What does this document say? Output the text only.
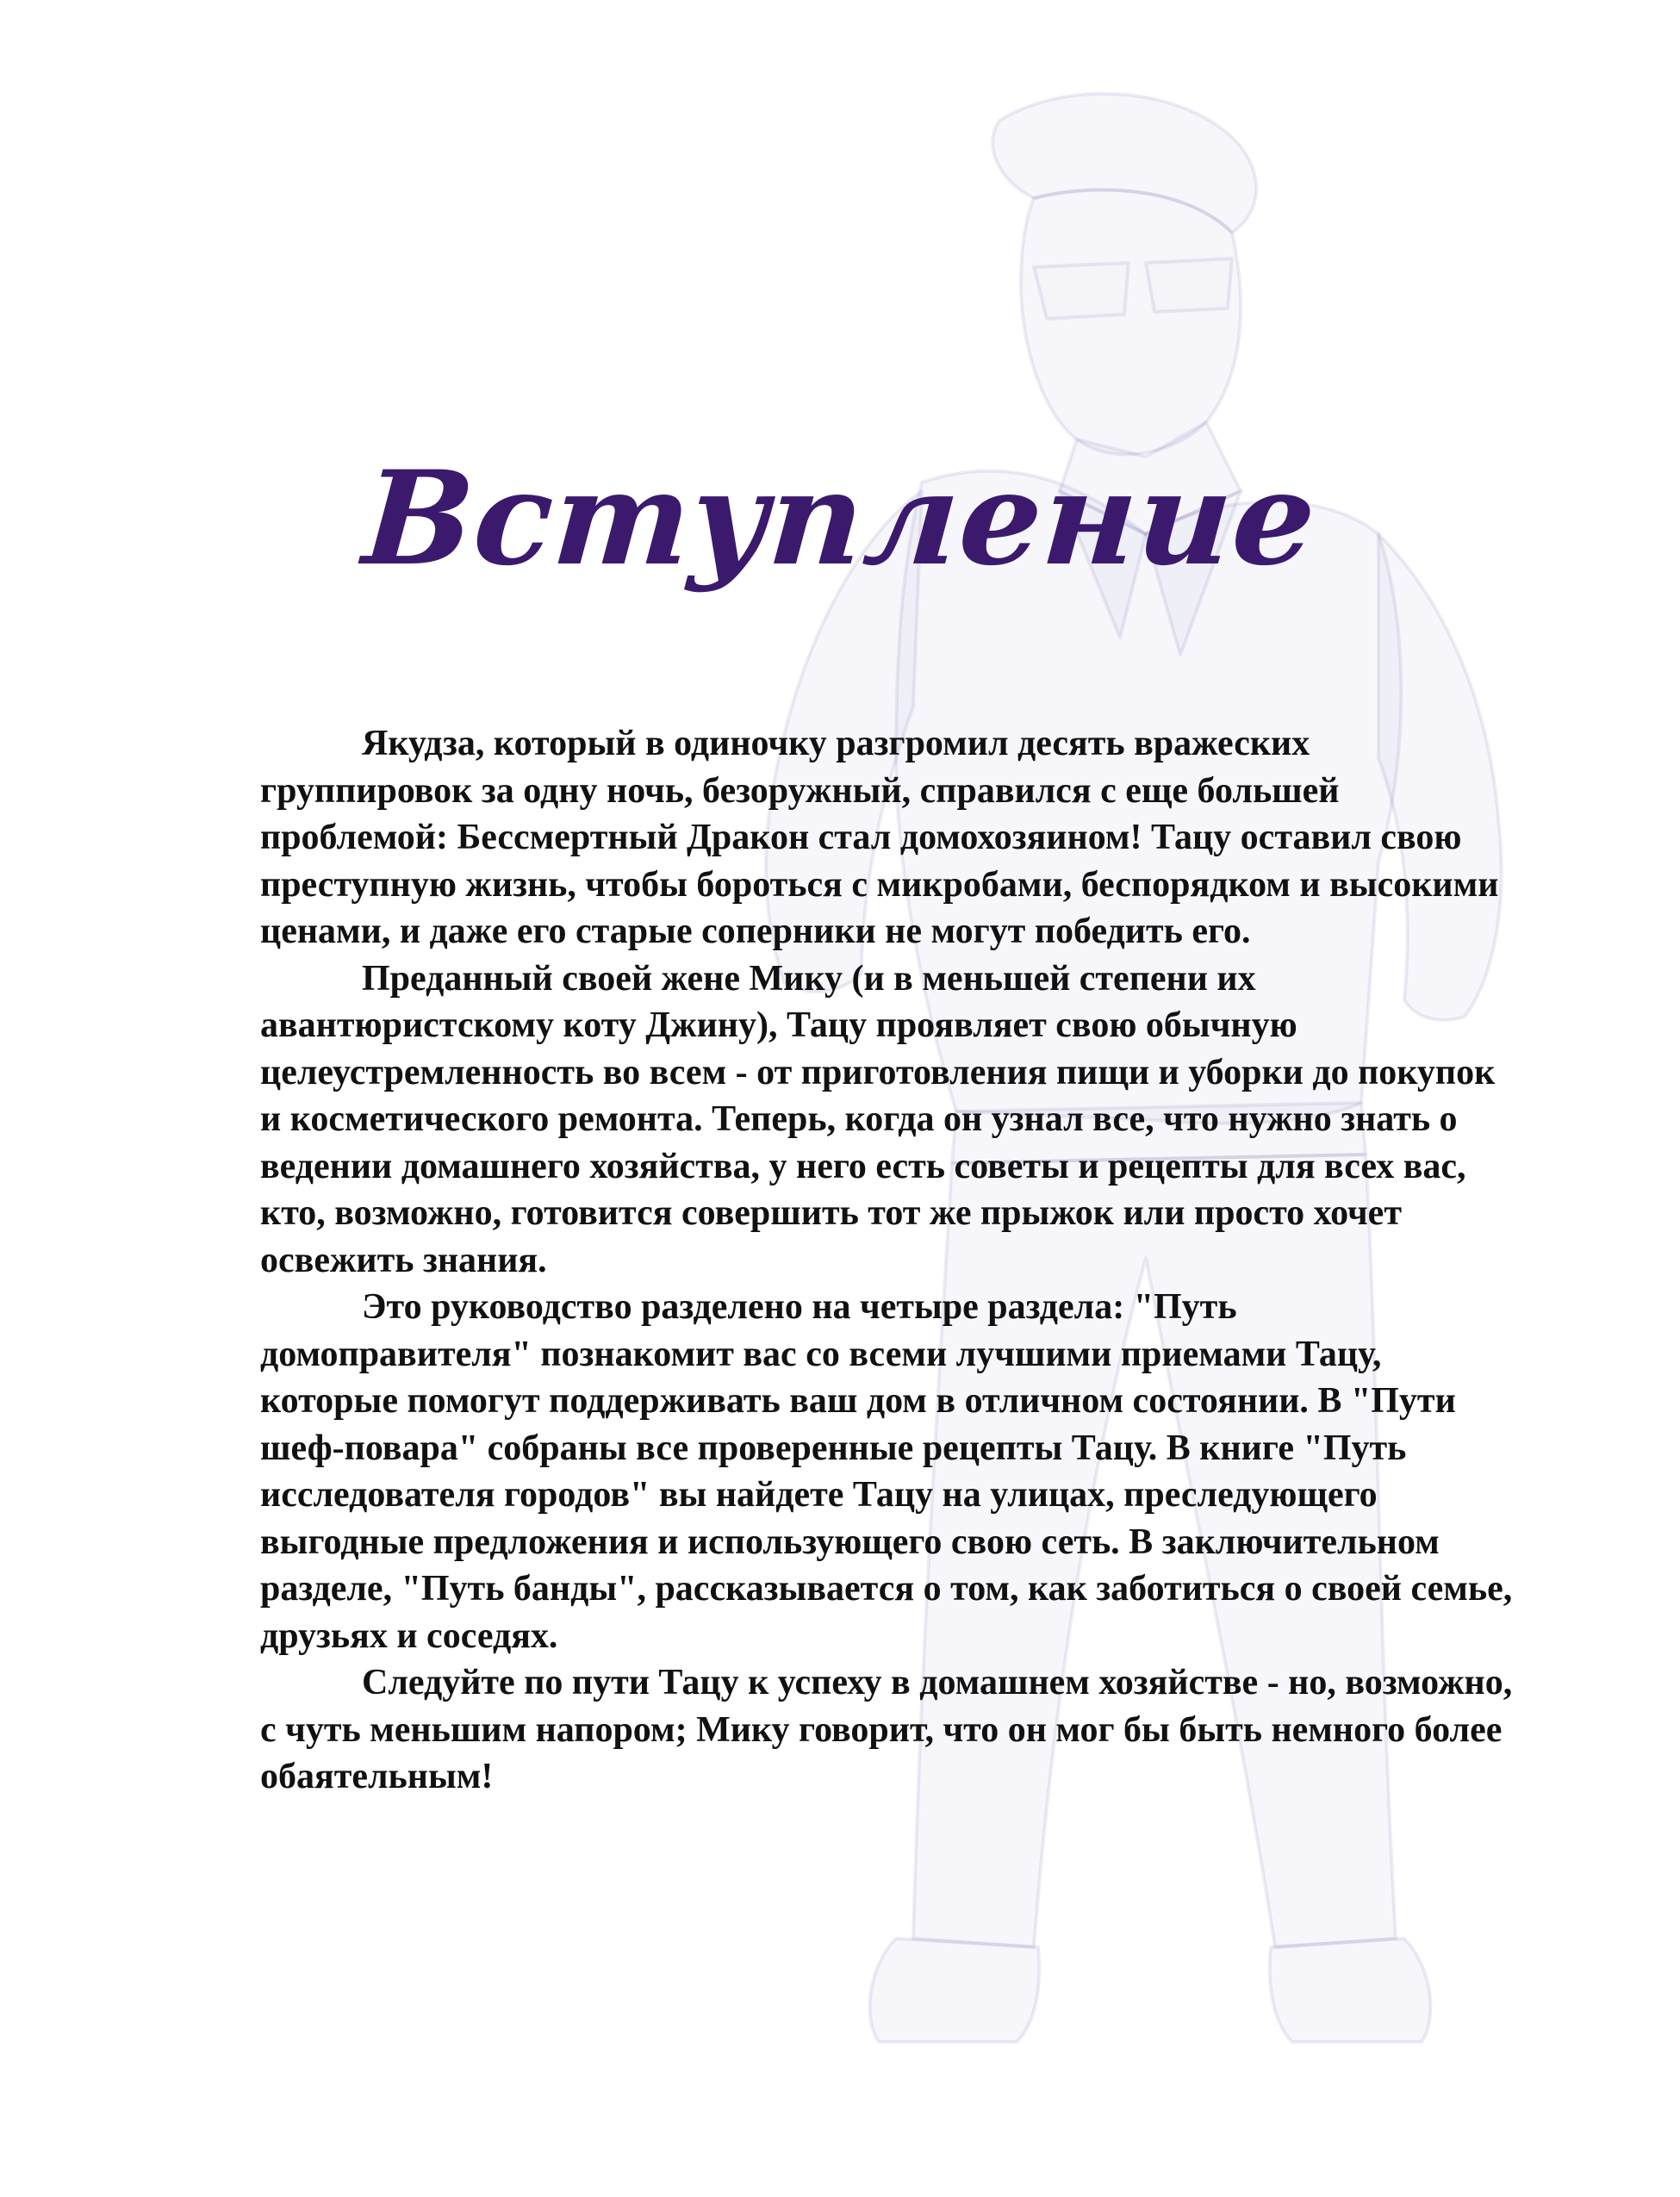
Вступление

Якудза, который в одиночку разгромил десять вражеских группировок за одну ночь, безоружный, справился с еще большей проблемой: Бессмертный Дракон стал домохозяином! Тацу оставил свою преступную жизнь, чтобы бороться с микробами, беспорядком и высокими ценами, и даже его старые соперники не могут победить его.

Преданный своей жене Мику (и в меньшей степени их авантюристскому коту Джину), Тацу проявляет свою обычную целеустремленность во всем - от приготовления пищи и уборки до покупок и косметического ремонта. Теперь, когда он узнал все, что нужно знать о ведении домашнего хозяйства, у него есть советы и рецепты для всех вас, кто, возможно, готовится совершить тот же прыжок или просто хочет освежить знания.

Это руководство разделено на четыре раздела: "Путь домоправителя" познакомит вас со всеми лучшими приемами Тацу, которые помогут поддерживать ваш дом в отличном состоянии. В "Пути шеф-повара" собраны все проверенные рецепты Тацу. В книге "Путь исследователя городов" вы найдете Тацу на улицах, преследующего выгодные предложения и использующего свою сеть. В заключительном разделе, "Путь банды", рассказывается о том, как заботиться о своей семье, друзьях и соседях.

Следуйте по пути Тацу к успеху в домашнем хозяйстве - но, возможно, с чуть меньшим напором; Мику говорит, что он мог бы быть немного более обаятельным!
